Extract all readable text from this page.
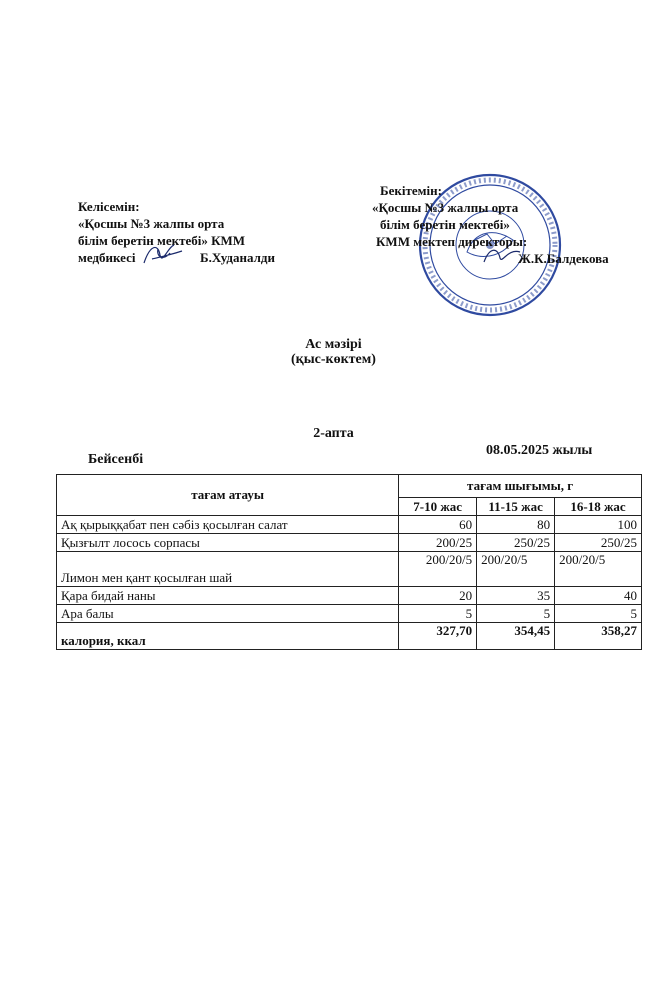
Келісемін:
«Қосшы №3 жалпы орта
білім беретін мектебі» КММ
медбикесі	Б.Худаналди
Бекітемін:
«Қосшы №3 жалпы орта
білім беретін мектебі»
КММ мектеп директоры:
Ж.К.Балдекова
Ас мәзірі
(қыс-көктем)
2-апта
Бейсенбі
08.05.2025 жылы
тағам атауы	тағам шығымы, г		
	7-10 жас	11-15 жас	16-18 жас
Ақ қырыққабат пен сәбіз қосылған салат	60	80	100
Қызғылт лосось сорпасы	200/25	250/25	250/25
Лимон мен қант қосылған шай	200/20/5	200/20/5	200/20/5
Қара бидай наны	20	35	40
Ара балы	5	5	5
калория, ккал	327,70	354,45	358,27
